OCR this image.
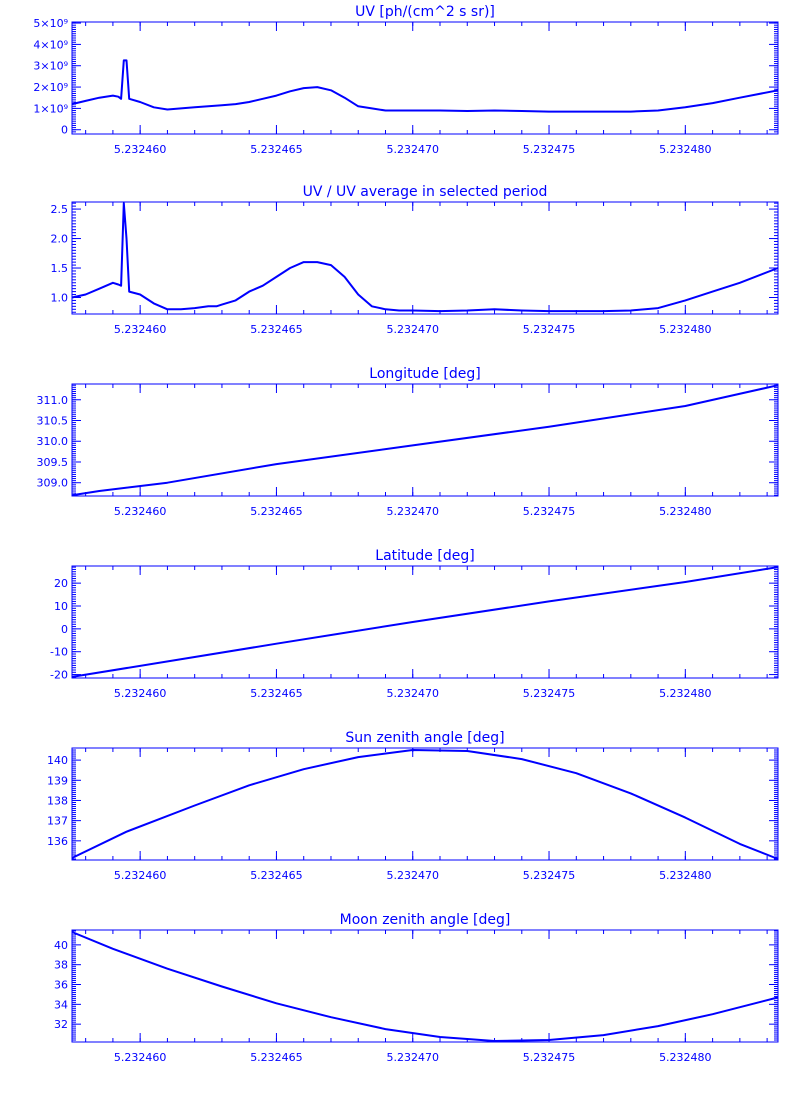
UV [ph/(cm^2 s sr)]
0
1×10⁹
2×10⁹
3×10⁹
4×10⁹
5×10⁹
5.232460	5.232465	5.232470	5.232475	5.232480
UV / UV average in selected period
1.0
1.5
2.0
2.5
5.232460	5.232465	5.232470	5.232475	5.232480
Longitude [deg]
309.0
309.5
310.0
310.5
311.0
5.232460	5.232465	5.232470	5.232475	5.232480
Latitude [deg]
-20
-10
0
10
20
5.232460	5.232465	5.232470	5.232475	5.232480
Sun zenith angle [deg]
136
137
138
139
140
5.232460	5.232465	5.232470	5.232475	5.232480
Moon zenith angle [deg]
32
34
36
38
40
5.232460	5.232465	5.232470	5.232475	5.232480
